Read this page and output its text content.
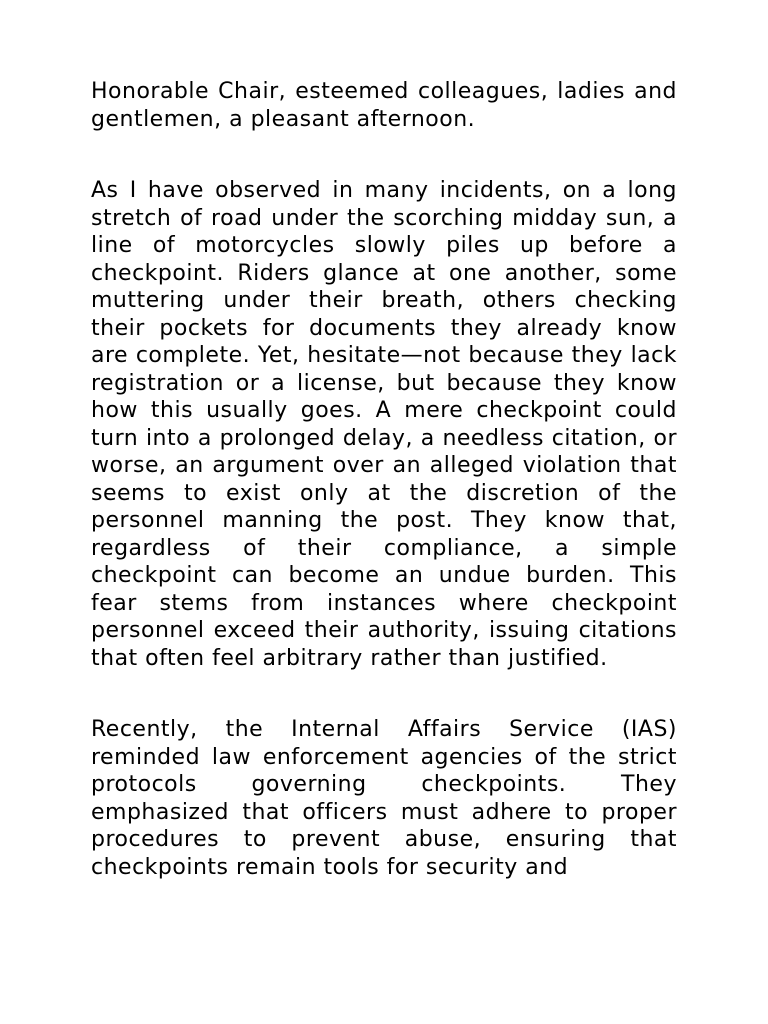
Honorable Chair, esteemed colleagues, ladies and gentlemen, a pleasant afternoon.

As I have observed in many incidents, on a long stretch of road under the scorching midday sun, a line of motorcycles slowly piles up before a checkpoint. Riders glance at one another, some muttering under their breath, others checking their pockets for documents they already know are complete. Yet, hesitate—not because they lack registration or a license, but because they know how this usually goes. A mere checkpoint could turn into a prolonged delay, a needless citation, or worse, an argument over an alleged violation that seems to exist only at the discretion of the personnel manning the post. They know that, regardless of their compliance, a simple checkpoint can become an undue burden. This fear stems from instances where checkpoint personnel exceed their authority, issuing citations that often feel arbitrary rather than justified.

Recently, the Internal Affairs Service (IAS) reminded law enforcement agencies of the strict protocols governing checkpoints. They emphasized that officers must adhere to proper procedures to prevent abuse, ensuring that checkpoints remain tools for security and
